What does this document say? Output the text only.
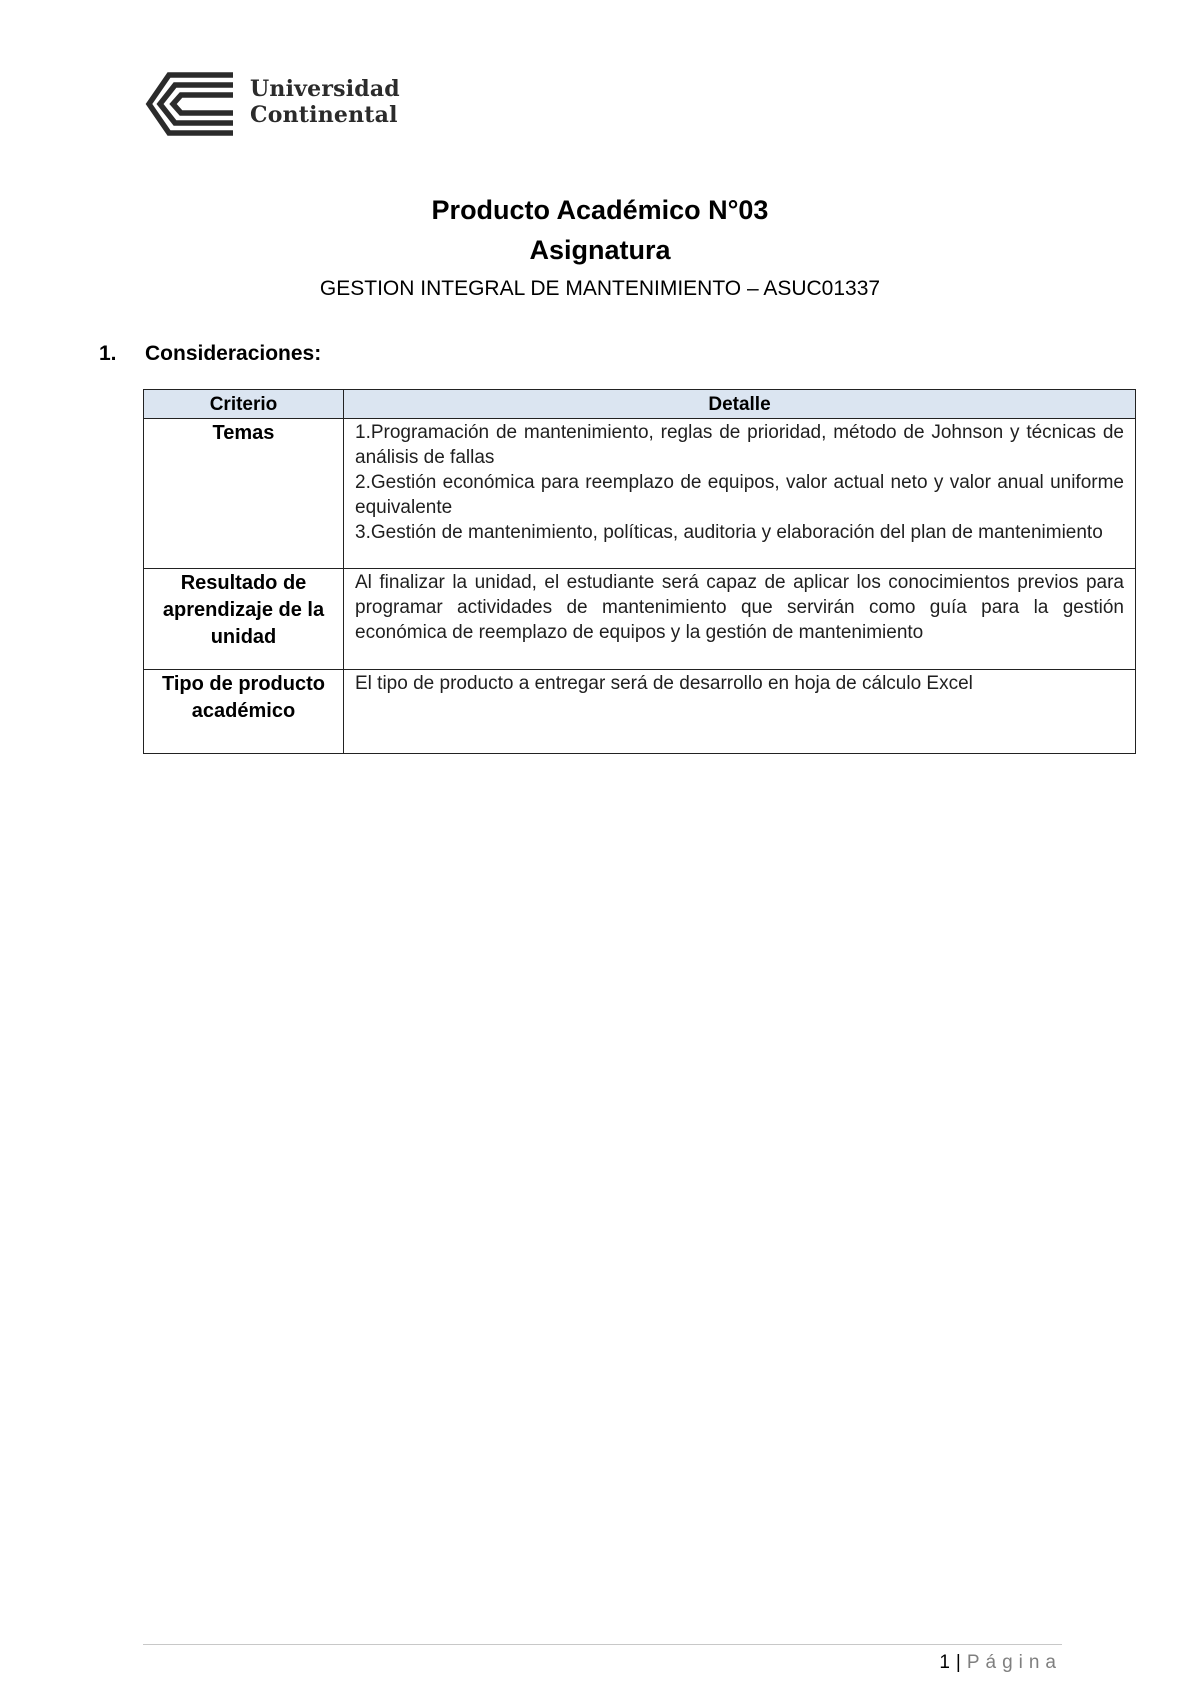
Universidad
Continental
Producto Académico N°03
Asignatura
GESTION INTEGRAL DE MANTENIMIENTO – ASUC01337
1. Consideraciones:
Criterio	Detalle
Temas	1.Programación de mantenimiento, reglas de prioridad, método de Johnson y técnicas de análisis de fallas

2.Gestión económica para reemplazo de equipos, valor actual neto y valor anual uniforme equivalente

3.Gestión de mantenimiento, políticas, auditoria y elaboración del plan de mantenimiento

Resultado de aprendizaje de la unidad	Al finalizar la unidad, el estudiante será capaz de aplicar los conocimientos previos para programar actividades de mantenimiento que servirán como guía para la gestión económica de reemplazo de equipos y la gestión de mantenimiento

Tipo de producto académico	El tipo de producto a entregar será de desarrollo en hoja de cálculo Excel

1 | Página
